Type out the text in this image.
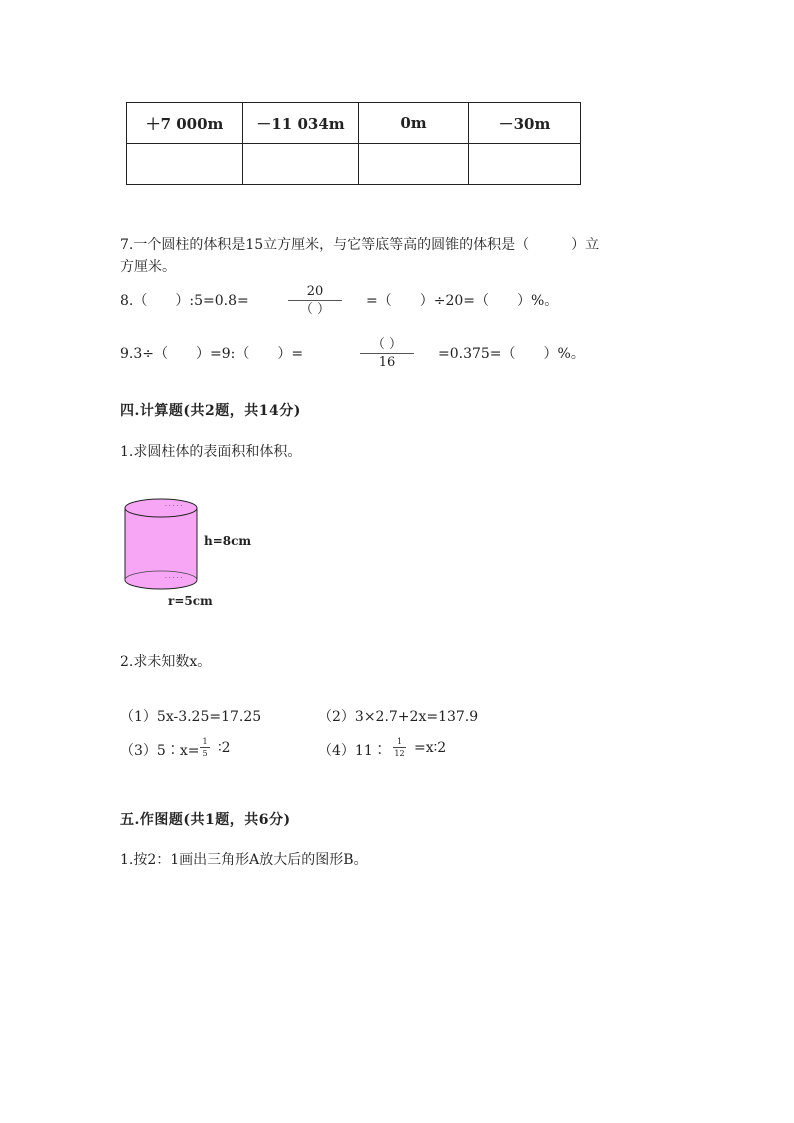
＋7 000m	－11 034m	0m	－30m

7.一个圆柱的体积是15立方厘米，与它等底等高的圆锥的体积是（　　　）立
方厘米。
8.（　　）:5=0.8=
20
（ ）
=（　　）÷20=（　　）%。
9.3÷（　　）=9:（　　）=
（ ）
16
=0.375=（　　）%。
四.计算题(共2题，共14分)
1.求圆柱体的表面积和体积。
· · · · ·
· · · · ·
h=8cm
r=5cm
2.求未知数x。
（1）5x-3.25=17.25	（2）3×2.7+2x=137.9
（3）5∶x=
1
5 ∶2	（4）11∶
1
12 =x∶2
五.作图题(共1题，共6分)
1.按2：1画出三角形A放大后的图形B。
